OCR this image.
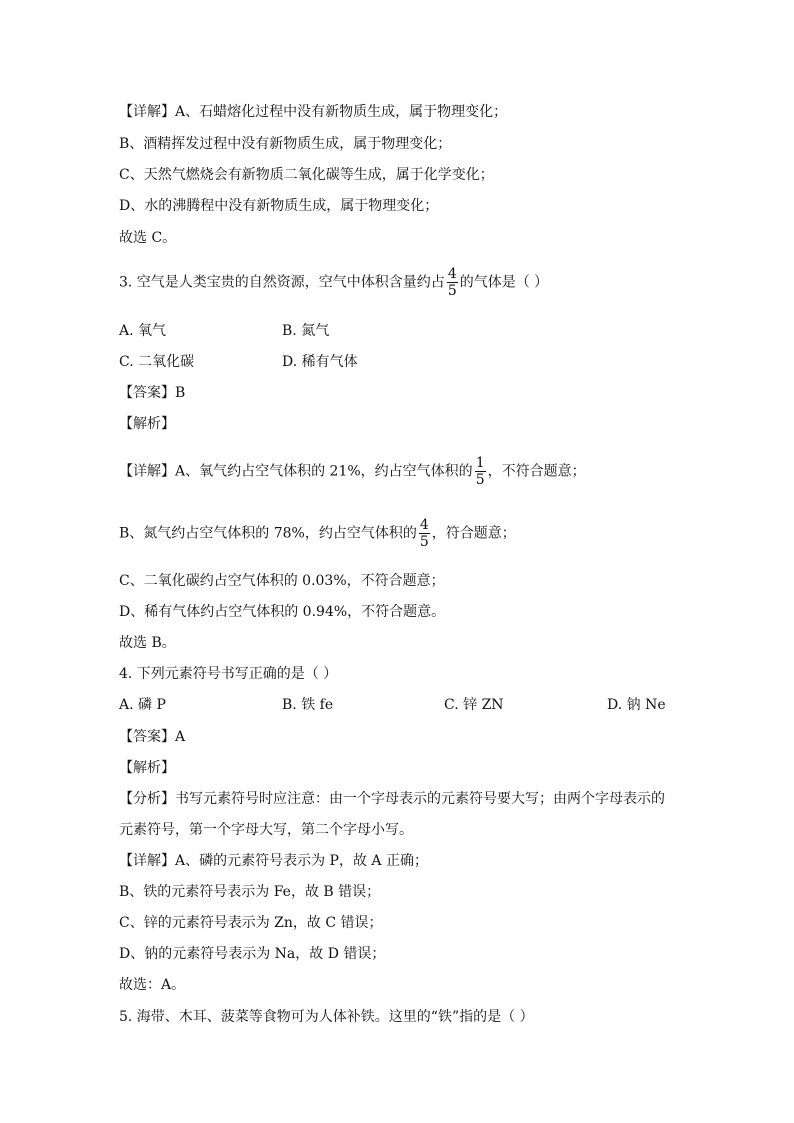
【详解】A、石蜡熔化过程中没有新物质生成，属于物理变化；
B、酒精挥发过程中没有新物质生成，属于物理变化；
C、天然气燃烧会有新物质二氧化碳等生成，属于化学变化；
D、水的沸腾程中没有新物质生成，属于物理变化；
故选 C。
3. 空气是人类宝贵的自然资源，空气中体积含量约占 $\frac{4}{5}$ 的气体是（ ）
A. 氧气	B. 氮气
C. 二氧化碳	D. 稀有气体
【答案】B
【解析】
【详解】A、氧气约占空气体积的 21%，约占空气体积的 $\frac{1}{5}$ ，不符合题意；
B、氮气约占空气体积的 78%，约占空气体积的 $\frac{4}{5}$ ，符合题意；
C、二氧化碳约占空气体积的 0.03%，不符合题意；
D、稀有气体约占空气体积的 0.94%，不符合题意。
故选 B。
4. 下列元素符号书写正确的是（ ）
A. 磷 P	B. 铁 fe	C. 锌 ZN	D. 钠 Ne
【答案】A
【解析】
【分析】书写元素符号时应注意：由一个字母表示的元素符号要大写；由两个字母表示的
元素符号，第一个字母大写，第二个字母小写。
【详解】A、磷的元素符号表示为 P，故 A 正确；
B、铁的元素符号表示为 Fe，故 B 错误；
C、锌的元素符号表示为 Zn，故 C 错误；
D、钠的元素符号表示为 Na，故 D 错误；
故选：A。
5. 海带、木耳、菠菜等食物可为人体补铁。这里的“铁”指的是（ ）
